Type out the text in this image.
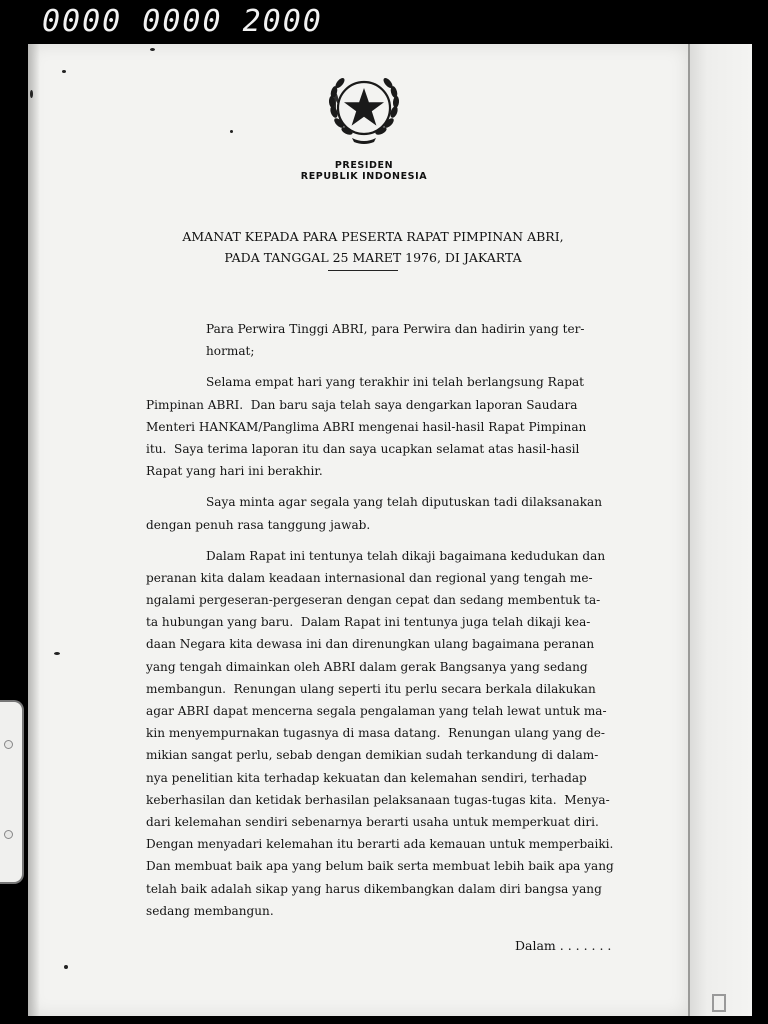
0000 0000 2000
PRESIDEN
REPUBLIK INDONESIA
AMANAT KEPADA PARA PESERTA RAPAT PIMPINAN ABRI,
PADA TANGGAL 25 MARET 1976, DI JAKARTA
Para Perwira Tinggi ABRI, para Perwira dan hadirin yang ter-
hormat;
Selama empat hari yang terakhir ini telah berlangsung Rapat
Pimpinan ABRI.  Dan baru saja telah saya dengarkan laporan Saudara
Menteri HANKAM/Panglima ABRI mengenai hasil-hasil Rapat Pimpinan
itu.  Saya terima laporan itu dan saya ucapkan selamat atas hasil-hasil
Rapat yang hari ini berakhir.
Saya minta agar segala yang telah diputuskan tadi dilaksanakan
dengan penuh rasa tanggung jawab.
Dalam Rapat ini tentunya telah dikaji bagaimana kedudukan dan
peranan kita dalam keadaan internasional dan regional yang tengah me-
ngalami pergeseran-pergeseran dengan cepat dan sedang membentuk ta-
ta hubungan yang baru.  Dalam Rapat ini tentunya juga telah dikaji kea-
daan Negara kita dewasa ini dan direnungkan ulang bagaimana peranan
yang tengah dimainkan oleh ABRI dalam gerak Bangsanya yang sedang
membangun.  Renungan ulang seperti itu perlu secara berkala dilakukan
agar ABRI dapat mencerna segala pengalaman yang telah lewat untuk ma-
kin menyempurnakan tugasnya di masa datang.  Renungan ulang yang de-
mikian sangat perlu, sebab dengan demikian sudah terkandung di dalam-
nya penelitian kita terhadap kekuatan dan kelemahan sendiri, terhadap
keberhasilan dan ketidak berhasilan pelaksanaan tugas-tugas kita.  Menya-
dari kelemahan sendiri sebenarnya berarti usaha untuk memperkuat diri.
Dengan menyadari kelemahan itu berarti ada kemauan untuk memperbaiki.
Dan membuat baik apa yang belum baik serta membuat lebih baik apa yang
telah baik adalah sikap yang harus dikembangkan dalam diri bangsa yang
sedang membangun.
Dalam . . . . . . .
